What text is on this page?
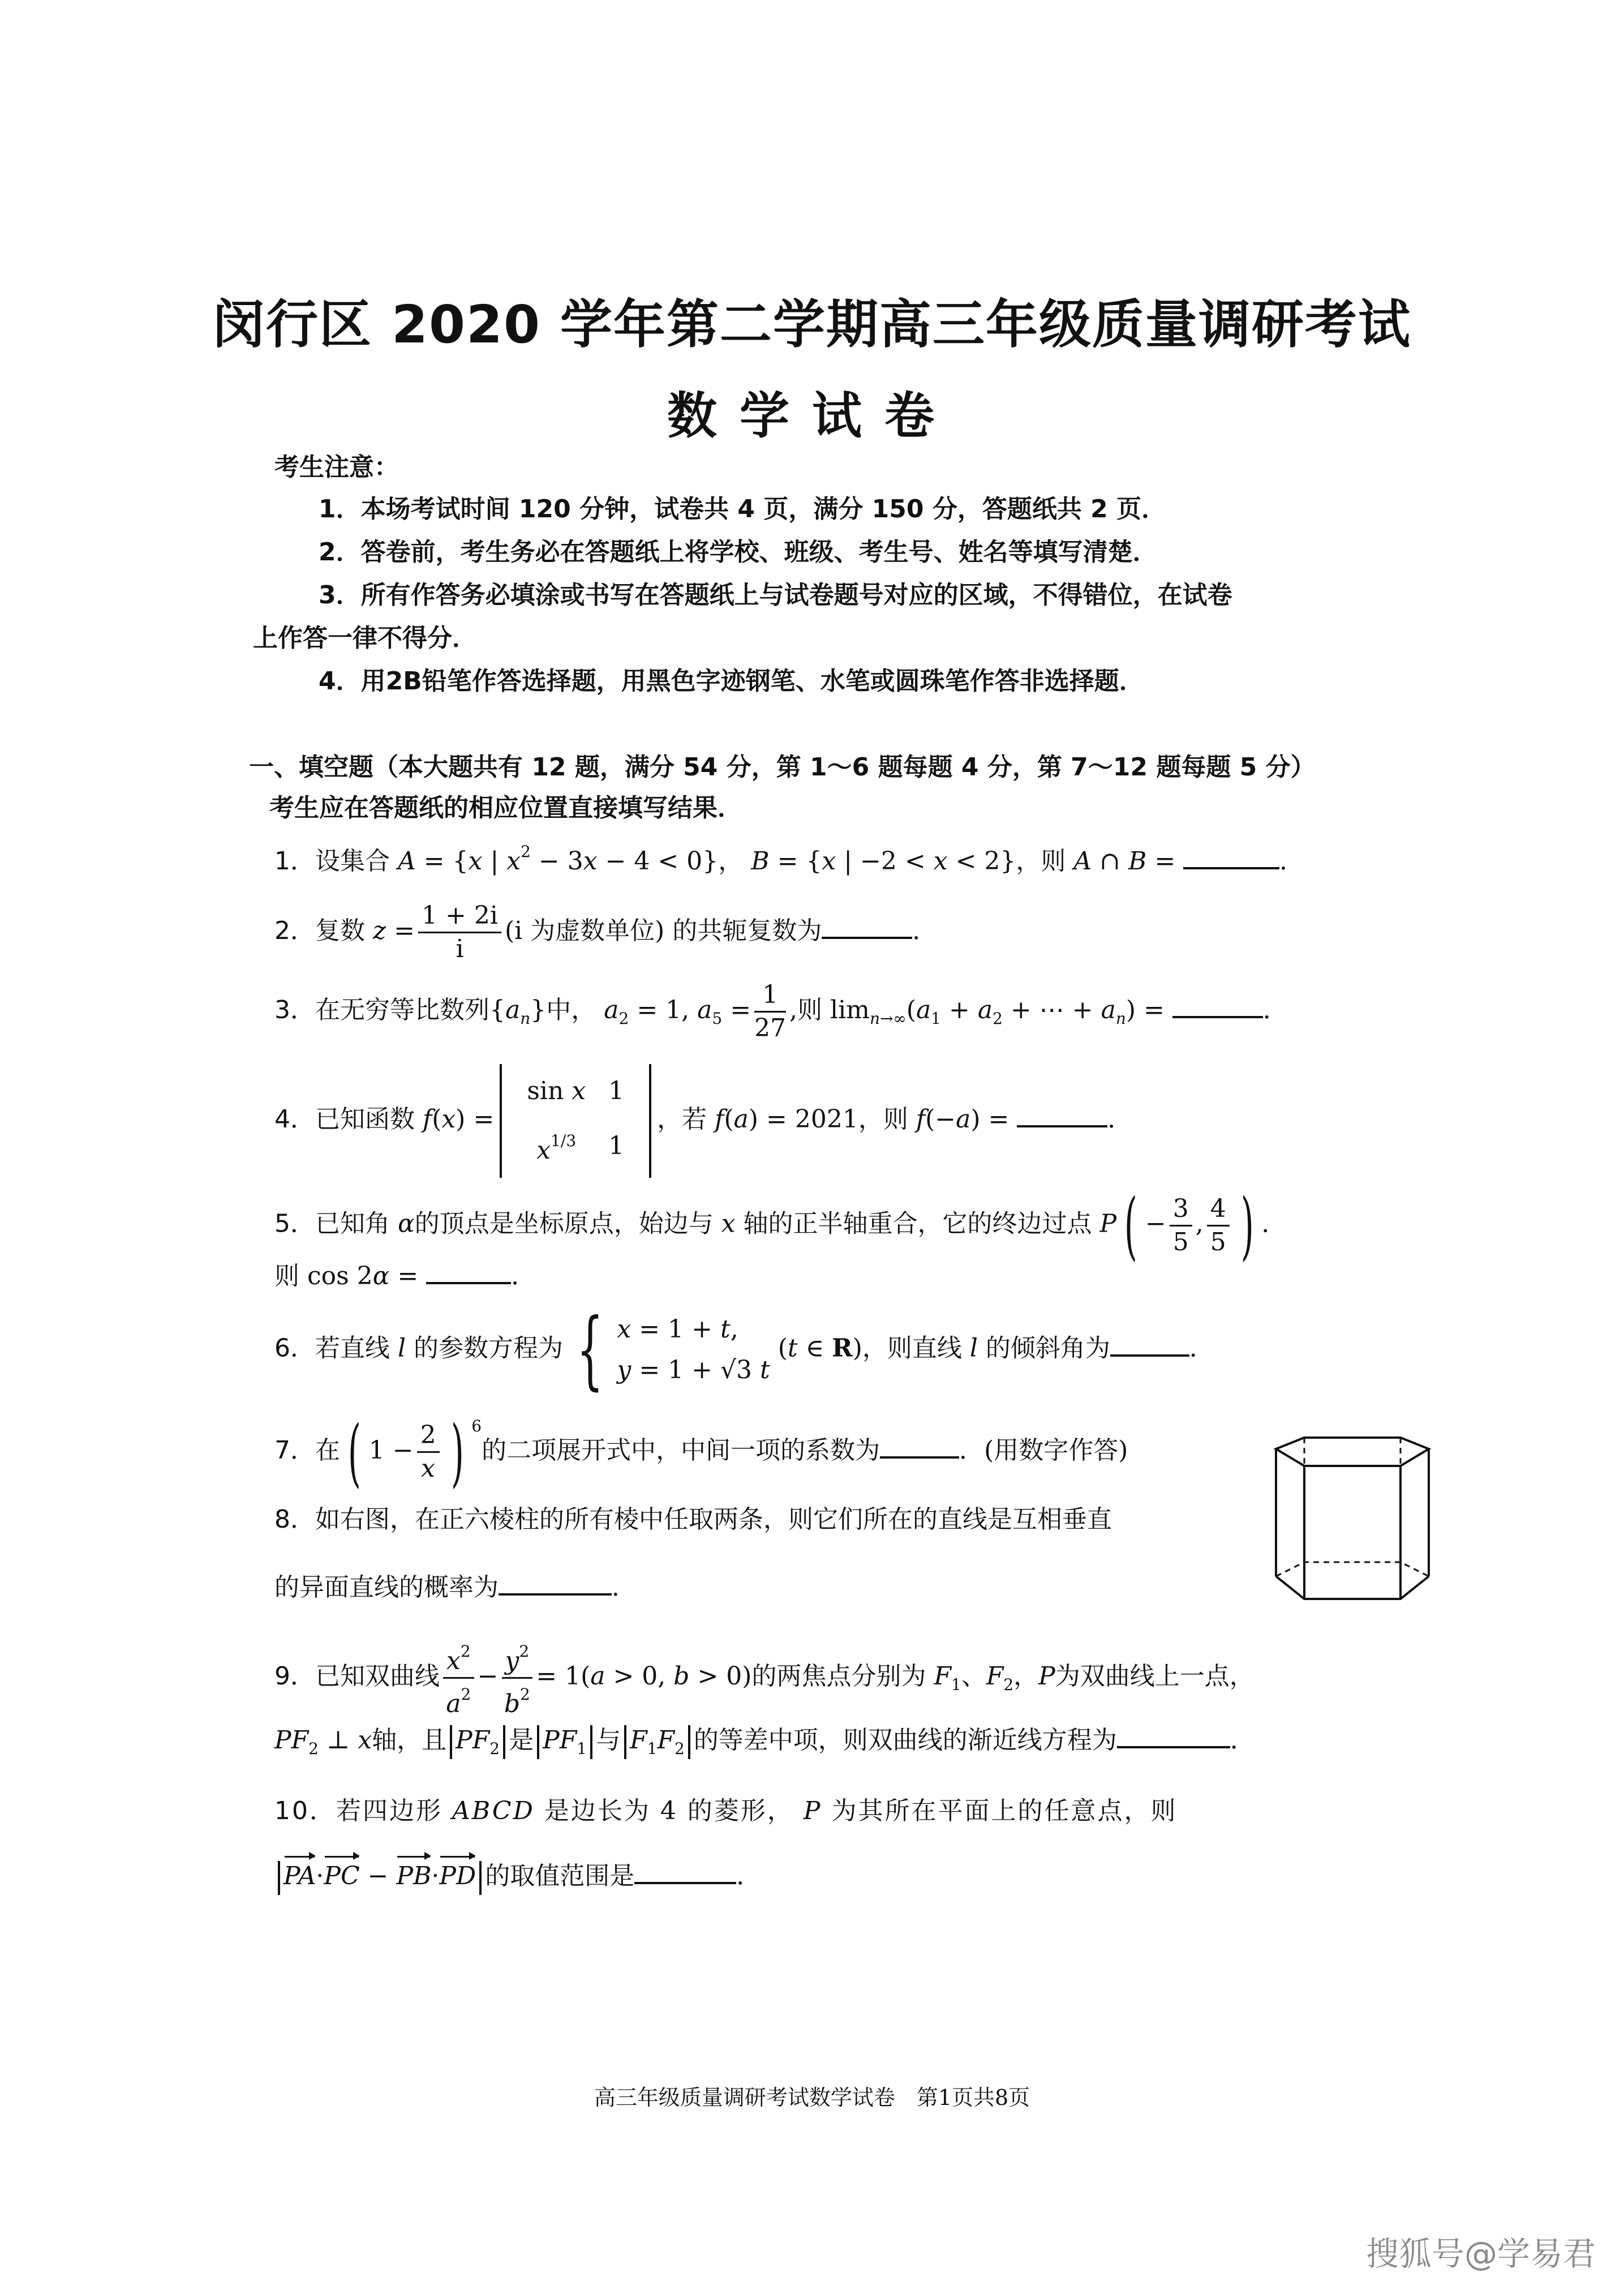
闵行区 2020 学年第二学期高三年级质量调研考试
数学试卷
考生注意：
1．本场考试时间 120 分钟，试卷共 4 页，满分 150 分，答题纸共 2 页．
2．答卷前，考生务必在答题纸上将学校、班级、考生号、姓名等填写清楚．
3．所有作答务必填涂或书写在答题纸上与试卷题号对应的区域，不得错位，在试卷
上作答一律不得分．
4．用2B铅笔作答选择题，用黑色字迹钢笔、水笔或圆珠笔作答非选择题．
一、填空题（本大题共有 12 题，满分 54 分，第 1～6 题每题 4 分，第 7～12 题每题 5 分）
考生应在答题纸的相应位置直接填写结果．
1．设集合 A = {x | $x^2 - 3x - 4 < 0$}， B = {x | −2 < x < 2}，则 A ∩ B =	．
2．复数 $z = \frac{1 + 2i}{i} (i$ 为虚数单位) 的共轭复数为	．
3．在无穷等比数列$\{a_n\}$中， $a_2 = 1$, $a_5 = \frac{1}{27}$ ,则 $\lim_{n\to\infty}(a_1 + a_2$ + ⋯ + $a_n$) =	．
4．已知函数 f(x) =
sin x	1
$x^{1/3}$	1
，若 f(a) = 2021，则 f(−a) =	．
5．已知角 α的顶点是坐标原点，始边与 x 轴的正半轴重合，它的终边过点 P ( − $\frac{3}{5}$ , $\frac{4}{5}$ ) ．
则 cos 2α =	．
6．若直线 l 的参数方程为 { x = 1 + t,
y = 1 + √3 t (t ∈ R)，则直线 l 的倾斜角为	．
7．在 ( $1 - \frac{2}{x}$ ) $^6$的二项展开式中，中间一项的系数为	．(用数字作答)
8．如右图，在正六棱柱的所有棱中任取两条，则它们所在的直线是互相垂直
的异面直线的概率为	．
9．已知双曲线 $\frac{x^2}{a^2} - \frac{y^2}{b^2} = 1(a > 0$, b > 0)的两焦点分别为 $F_1$、$F_2$，P为双曲线上一点，
$PF_2$ ⊥ x轴，且 $PF_2$ 是 $PF_1$ 与 $F_1F_2$ 的等差中项，则双曲线的渐近线方程为	．
10．若四边形 ABCD 是边长为 4 的菱形， P 为其所在平面上的任意点，则
PA·PC − PB·PD 的取值范围是	．
高三年级质量调研考试数学试卷　第1页共8页
搜狐号@学易君
